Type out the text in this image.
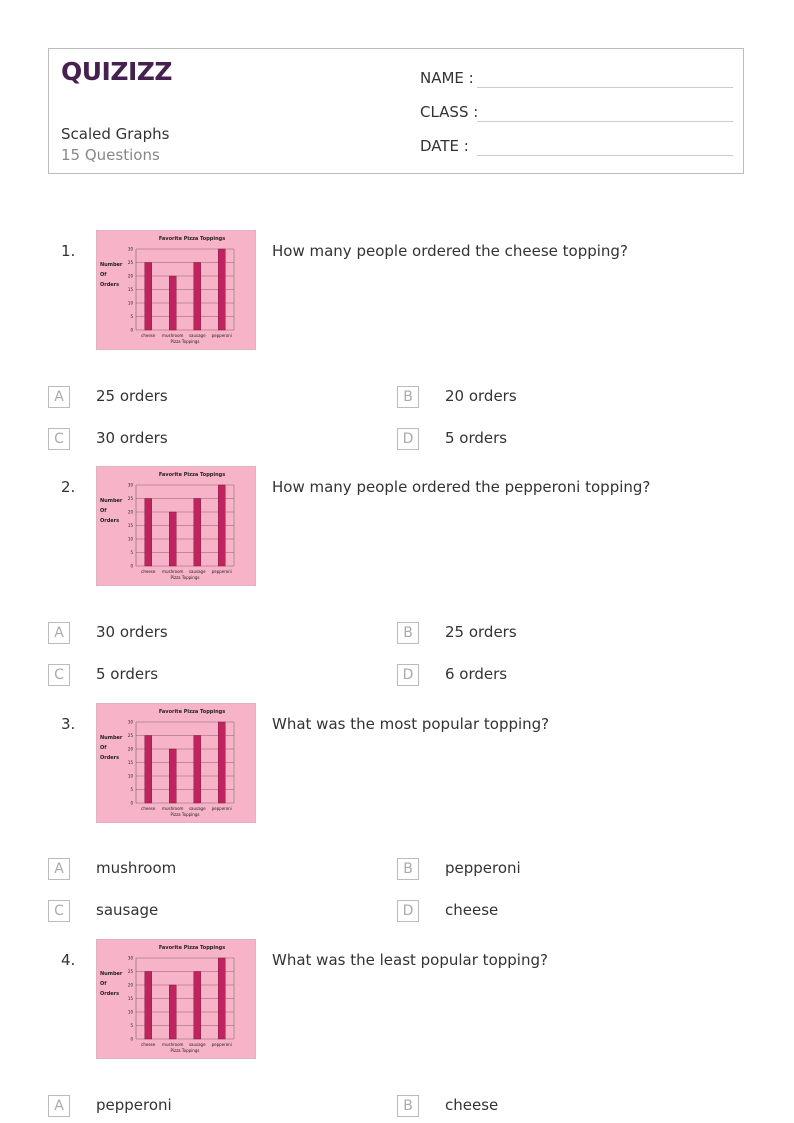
QUIZIZZ
Scaled Graphs
15 Questions
NAME :
CLASS :
DATE :
1.
Favorite Pizza Toppings
30
25
20
15
10
5
0
Number
Of
Orders
cheese mushroom sausage pepperoni
Pizza Toppings
How many people ordered the cheese topping?
A	25 orders	B	20 orders
C	30 orders	D	5 orders
2.
Favorite Pizza Toppings
30
25
20
15
10
5
0
Number
Of
Orders
cheese mushroom sausage pepperoni
Pizza Toppings
How many people ordered the pepperoni topping?
A	30 orders	B	25 orders
C	5 orders	D	6 orders
3.
Favorite Pizza Toppings
30
25
20
15
10
5
0
Number
Of
Orders
cheese mushroom sausage pepperoni
Pizza Toppings
What was the most popular topping?
A	mushroom	B	pepperoni
C	sausage	D	cheese
4.
Favorite Pizza Toppings
30
25
20
15
10
5
0
Number
Of
Orders
cheese mushroom sausage pepperoni
Pizza Toppings
What was the least popular topping?
A	pepperoni	B	cheese
